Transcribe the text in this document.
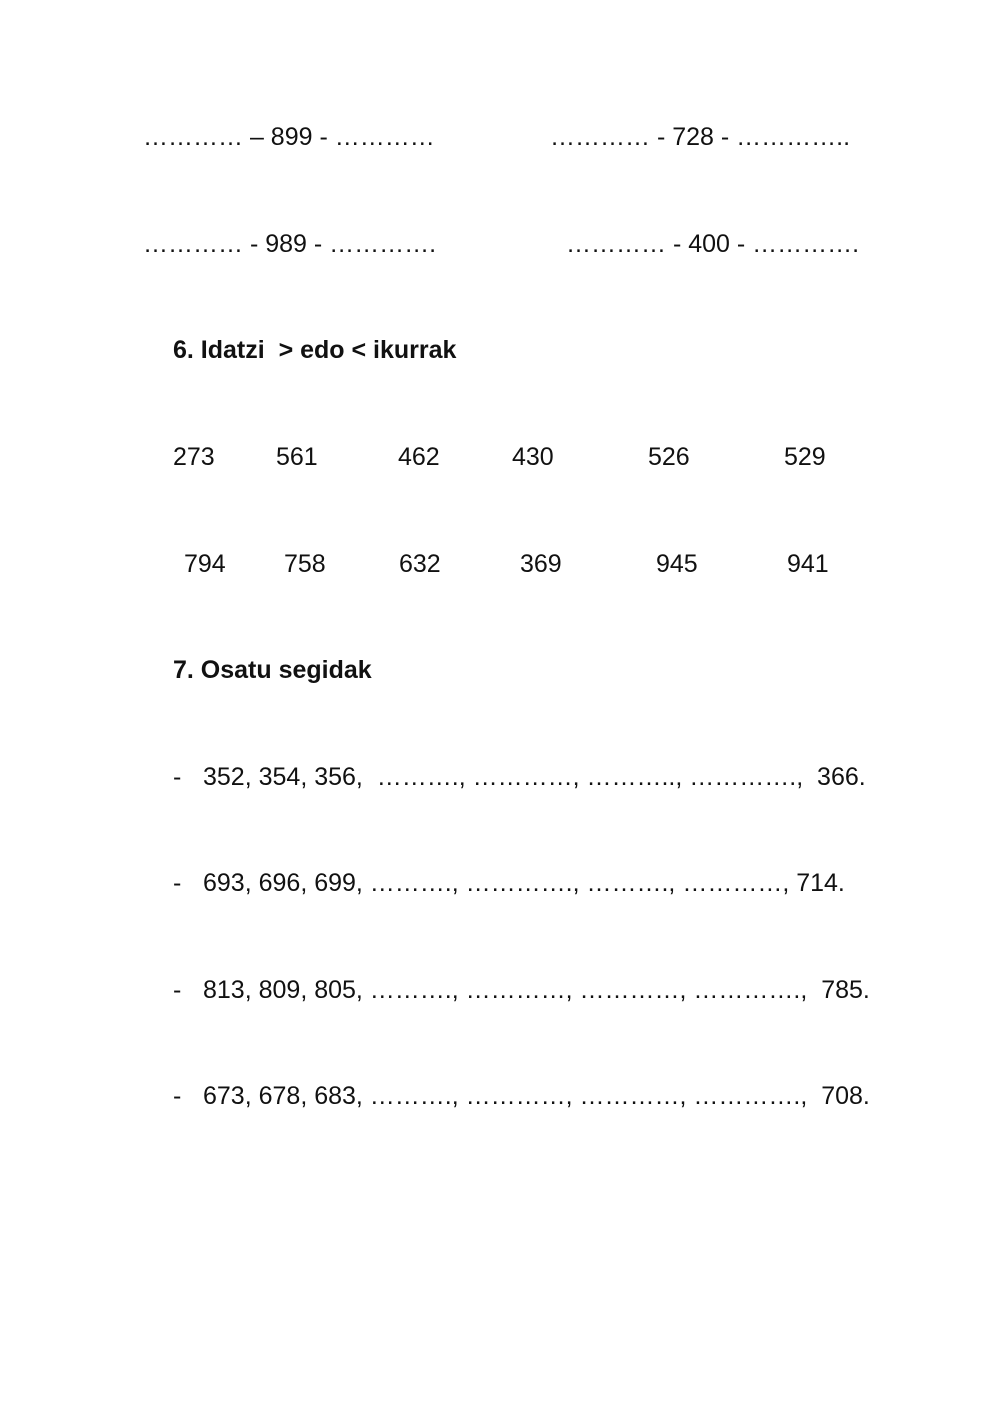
………… – 899 - …………	………… - 728 - …………..
………… - 989 - ………….	………… - 400 - ………….
6. Idatzi  > edo < ikurrak
273 561	462	430	526	529
794 758	632	369	945	941
7. Osatu segidak
- 352, 354, 356,  ………., …………, ……….., ………….,  366.
- 693, 696, 699, ………., …………., ………., …………, 714.
- 813, 809, 805, ………., …………, …………, ………….,  785.
- 673, 678, 683, ………., …………, …………, ………….,  708.
